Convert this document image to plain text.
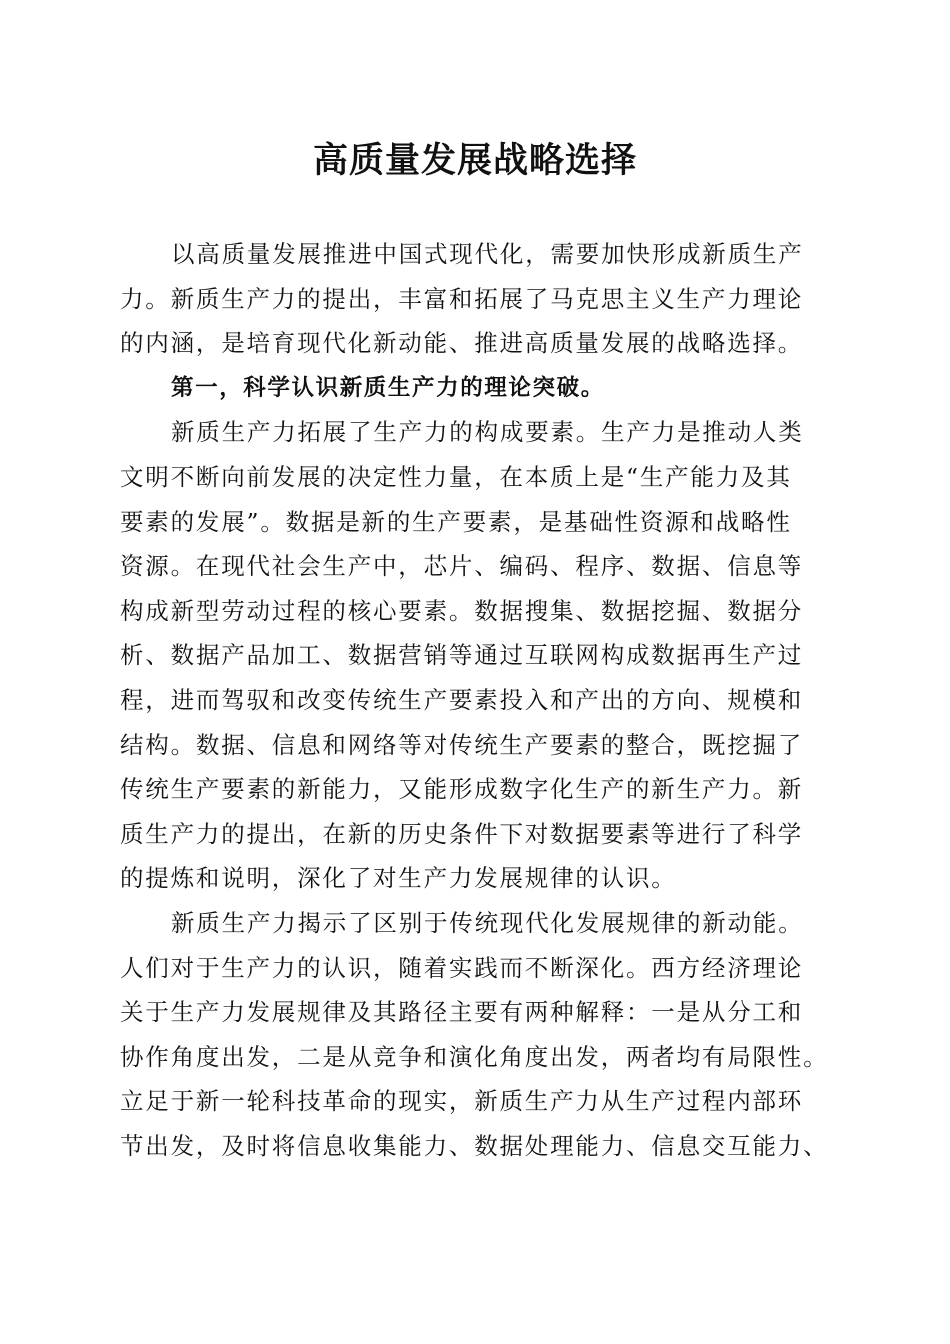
高质量发展战略选择
以高质量发展推进中国式现代化，需要加快形成新质生产
力。新质生产力的提出，丰富和拓展了马克思主义生产力理论
的内涵，是培育现代化新动能、推进高质量发展的战略选择。
第一，科学认识新质生产力的理论突破。
新质生产力拓展了生产力的构成要素。生产力是推动人类
文明不断向前发展的决定性力量，在本质上是“生产能力及其
要素的发展”。数据是新的生产要素，是基础性资源和战略性
资源。在现代社会生产中，芯片、编码、程序、数据、信息等
构成新型劳动过程的核心要素。数据搜集、数据挖掘、数据分
析、数据产品加工、数据营销等通过互联网构成数据再生产过
程，进而驾驭和改变传统生产要素投入和产出的方向、规模和
结构。数据、信息和网络等对传统生产要素的整合，既挖掘了
传统生产要素的新能力，又能形成数字化生产的新生产力。新
质生产力的提出，在新的历史条件下对数据要素等进行了科学
的提炼和说明，深化了对生产力发展规律的认识。
新质生产力揭示了区别于传统现代化发展规律的新动能。
人们对于生产力的认识，随着实践而不断深化。西方经济理论
关于生产力发展规律及其路径主要有两种解释：一是从分工和
协作角度出发，二是从竞争和演化角度出发，两者均有局限性。
立足于新一轮科技革命的现实，新质生产力从生产过程内部环
节出发，及时将信息收集能力、数据处理能力、信息交互能力、
